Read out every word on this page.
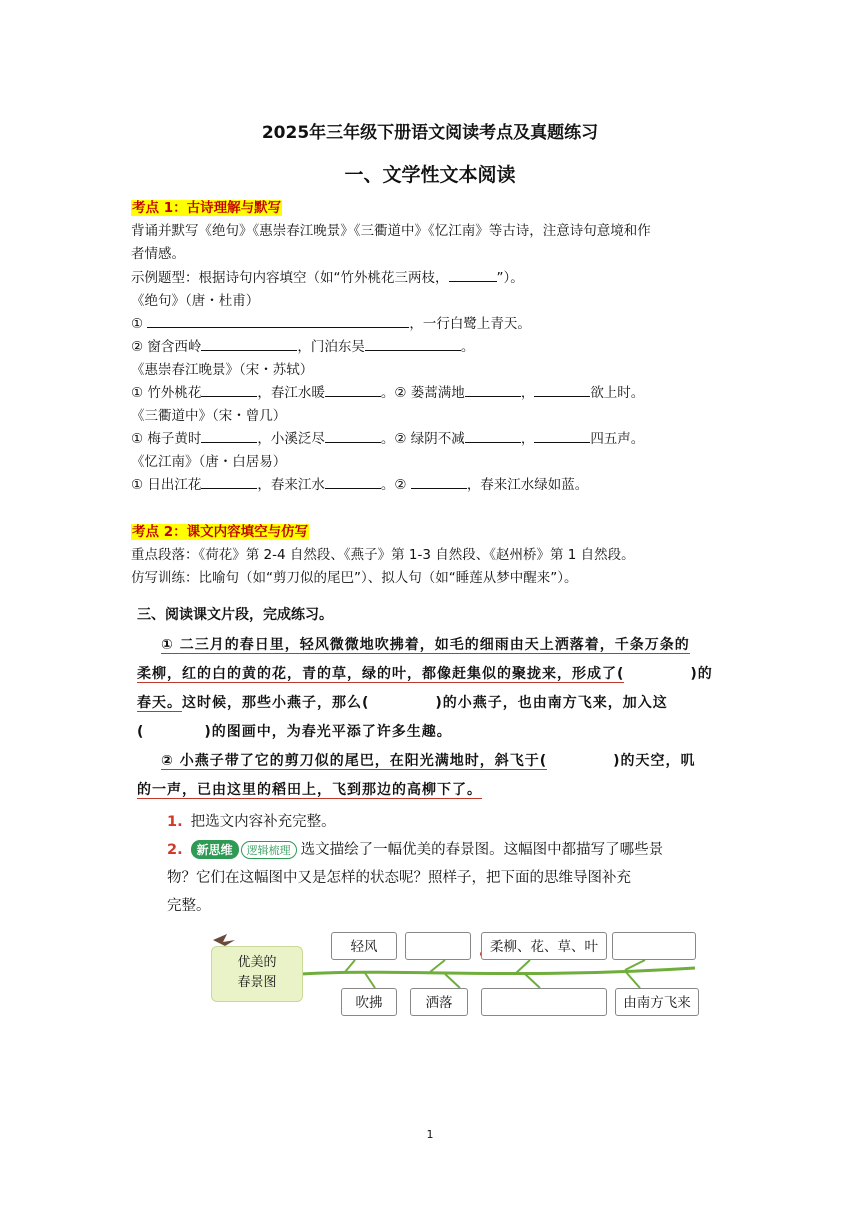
2025年三年级下册语文阅读考点及真题练习
一、文学性文本阅读
考点 1：古诗理解与默写
背诵并默写《绝句》《惠崇春江晚景》《三衢道中》《忆江南》等古诗，注意诗句意境和作
者情感。
示例题型：根据诗句内容填空（如“竹外桃花三两枝，	”）。
《绝句》（唐・杜甫）
①	，一行白鹭上青天。
② 窗含西岭	，门泊东吴	。
《惠崇春江晚景》（宋・苏轼）
① 竹外桃花	，春江水暖	。② 蒌蒿满地	，	欲上时。
《三衢道中》（宋・曾几）
① 梅子黄时	，小溪泛尽	。② 绿阴不减	，	四五声。
《忆江南》（唐・白居易）
① 日出江花	，春来江水	。②	，春来江水绿如蓝。
考点 2：课文内容填空与仿写
重点段落：《荷花》第 2-4 自然段、《燕子》第 1-3 自然段、《赵州桥》第 1 自然段。
仿写训练：比喻句（如“剪刀似的尾巴”）、拟人句（如“睡莲从梦中醒来”）。
三、阅读课文片段，完成练习。
① 二三月的春日里，轻风微微地吹拂着，如毛的细雨由天上洒落着，千条万条的
柔柳，红的白的黄的花，青的草，绿的叶，都像赶集似的聚拢来，形成了(	)的
春天。这时候，那些小燕子，那么(	)的小燕子，也由南方飞来，加入这
(	)的图画中，为春光平添了许多生趣。
② 小燕子带了它的剪刀似的尾巴，在阳光满地时，斜飞于(	)的天空，叽
的一声，已由这里的稻田上，飞到那边的高柳下了。
1. 把选文内容补充完整。
2. 新思维 逻辑梳理 选文描绘了一幅优美的春景图。这幅图中都描写了哪些景
物？它们在这幅图中又是怎样的状态呢？照样子，把下面的思维导图补充
完整。
优美的
春景图
轻风	柔柳、花、草、叶
吹拂	洒落	由南方飞来
1
